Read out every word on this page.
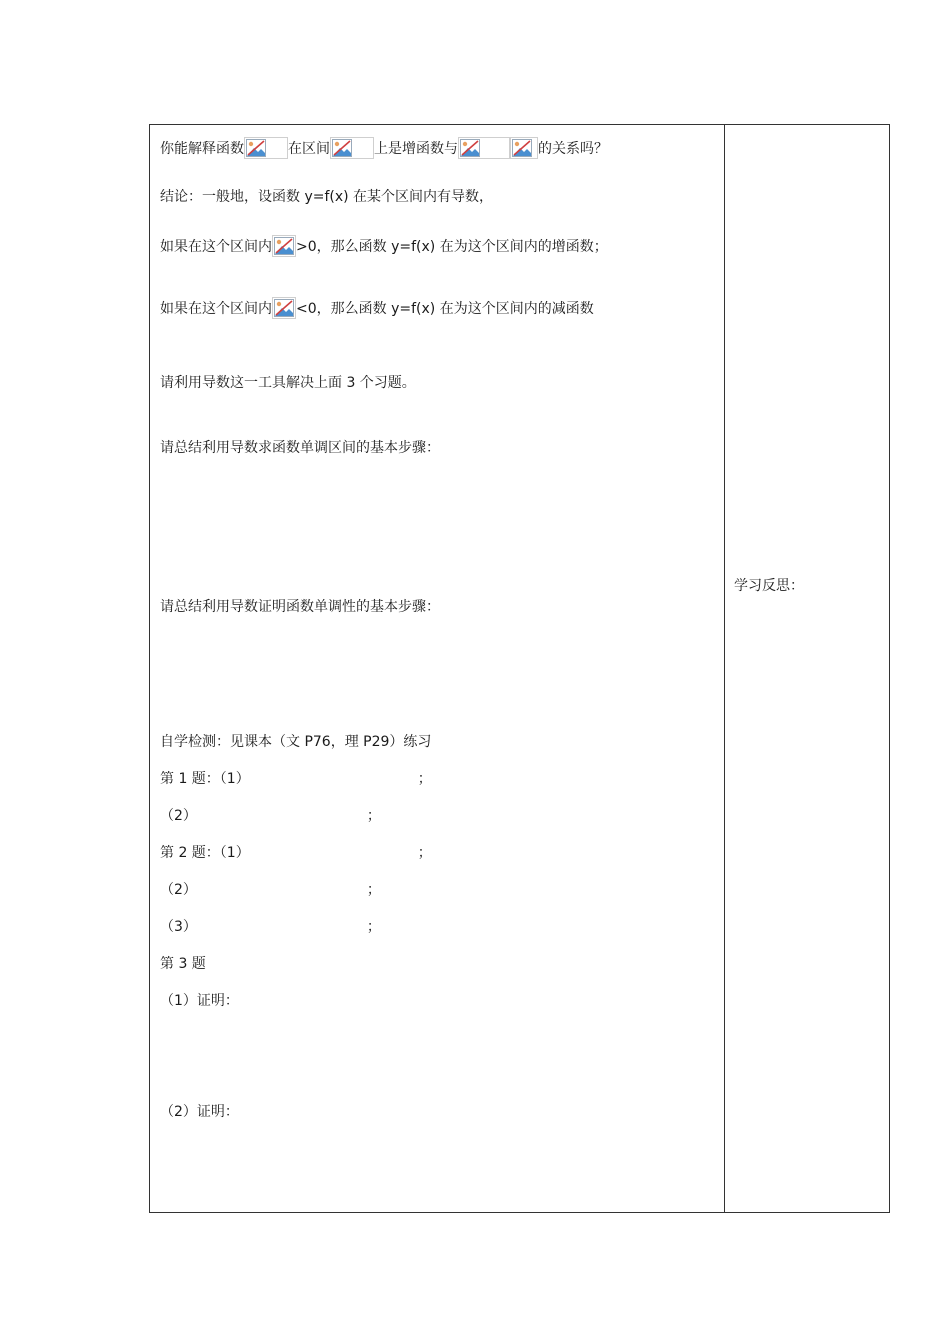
你能解释函数	在区间	上是增函数与	的关系吗？
结论：一般地，设函数 y=f(x) 在某个区间内有导数，
如果在这个区间内 >0，那么函数 y=f(x) 在为这个区间内的增函数；
如果在这个区间内 <0，那么函数 y=f(x) 在为这个区间内的减函数
请利用导数这一工具解决上面 3 个习题。
请总结利用导数求函数单调区间的基本步骤：
请总结利用导数证明函数单调性的基本步骤：
自学检测：见课本（文 P76，理 P29）练习
第 1 题：（1）	；
（2）	；
第 2 题：（1）	；
（2）	；
（3）	；
第 3 题
（1）证明：
（2）证明：
学习反思：
